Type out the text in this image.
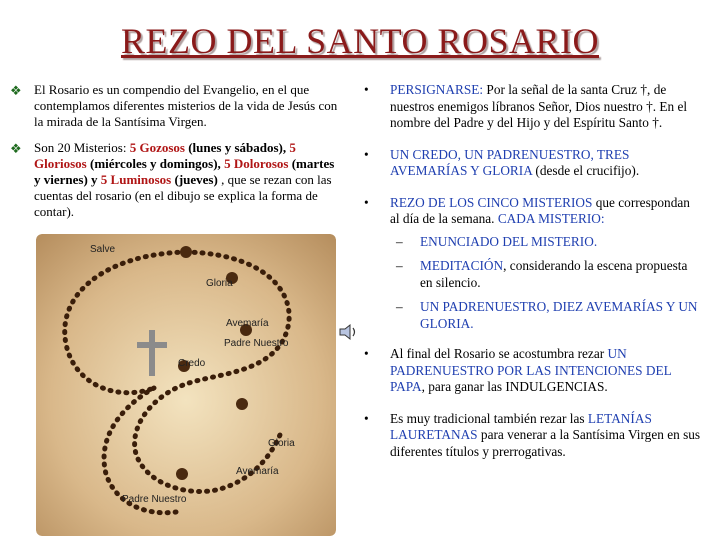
REZO DEL SANTO ROSARIO
❖ El Rosario es un compendio del Evangelio, en el que contemplamos diferentes misterios de la vida de Jesús con la mirada de la Santísima Virgen.
❖ Son 20 Misterios: 5 Gozosos (lunes y sábados), 5 Gloriosos (miércoles y domingos), 5 Dolorosos (martes y viernes) y 5 Luminosos (jueves) , que se rezan con las cuentas del rosario (en el dibujo se explica la forma de contar).
Salve
Gloria
Avemaría
Padre Nuestro
Credo
Gloria
Avemaría
Padre Nuestro
• PERSIGNARSE: Por la señal de la santa Cruz †, de nuestros enemigos líbranos Señor, Dios nuestro †. En el nombre del Padre y del Hijo y del Espíritu Santo †.
• UN CREDO, UN PADRENUESTRO, TRES AVEMARÍAS Y GLORIA (desde el crucifijo).
• REZO DE LOS CINCO MISTERIOS que correspondan al día de la semana. CADA MISTERIO:
– ENUNCIADO DEL MISTERIO.
– MEDITACIÓN, considerando la escena propuesta en silencio.
– UN PADRENUESTRO, DIEZ AVEMARÍAS Y UN GLORIA.
• Al final del Rosario se acostumbra rezar UN PADRENUESTRO POR LAS INTENCIONES DEL PAPA, para ganar las INDULGENCIAS.
• Es muy tradicional también rezar las LETANÍAS LAURETANAS para venerar a la Santísima Virgen en sus diferentes títulos y prerrogativas.
